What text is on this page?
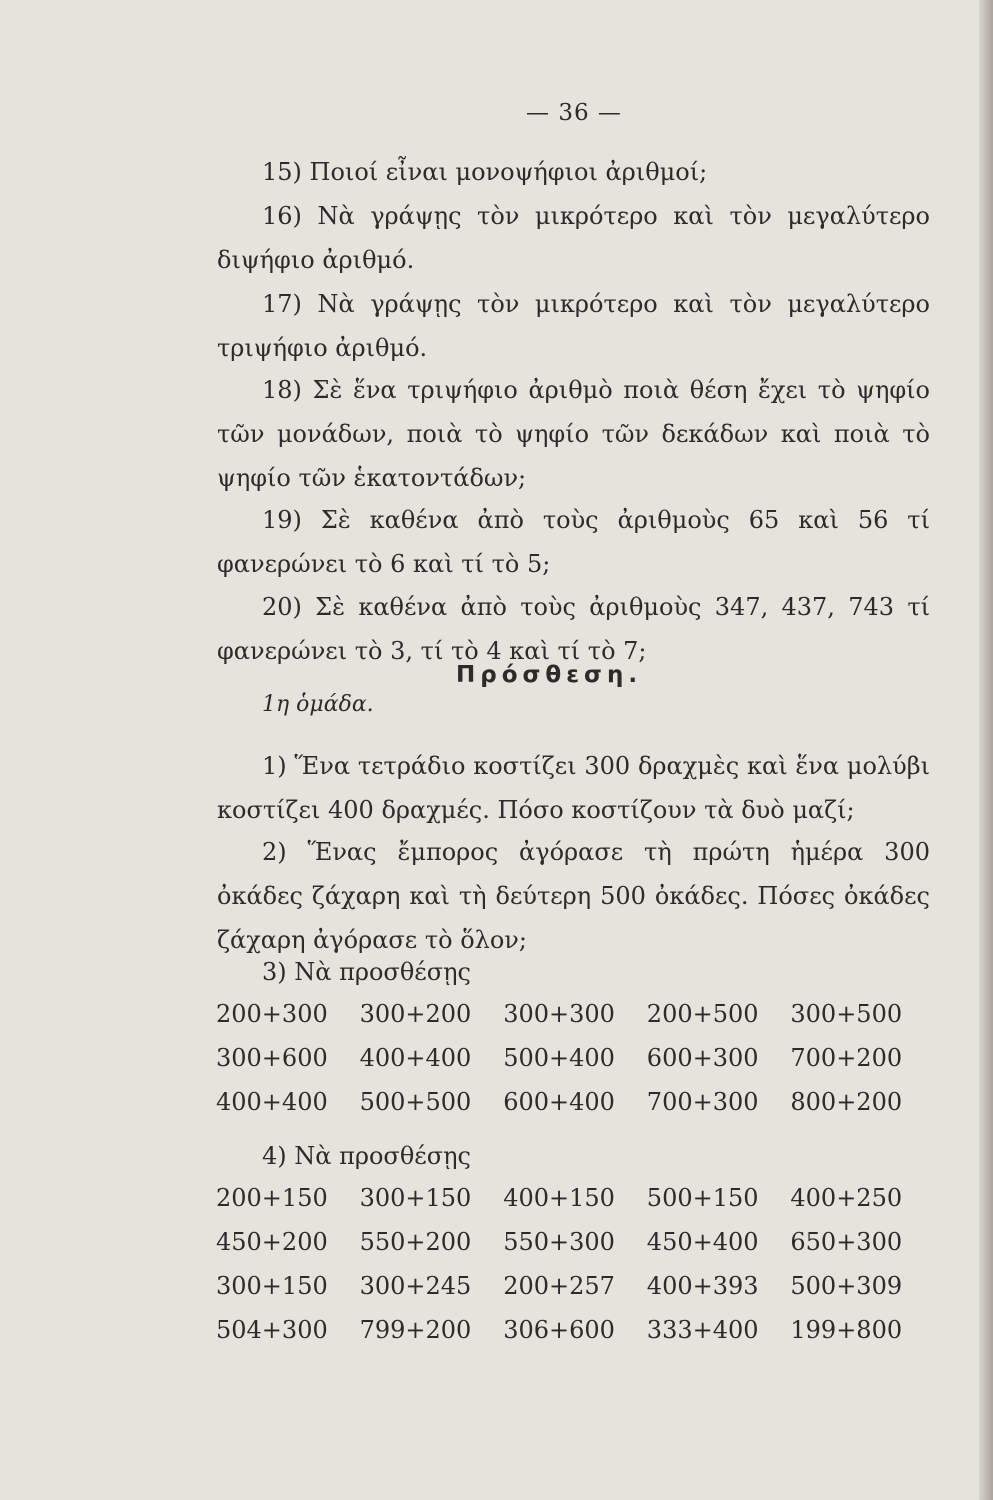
— 36 —
15) Ποιοί εἶναι μονοψήφιοι ἀριθμοί;
16) Νὰ γράψῃς τὸν μικρότερο καὶ τὸν μεγαλύτερο διψήφιο ἀριθμό.
17) Νὰ γράψῃς τὸν μικρότερο καὶ τὸν μεγαλύτερο τριψήφιο ἀριθμό.
18) Σὲ ἕνα τριψήφιο ἀριθμὸ ποιὰ θέση ἔχει τὸ ψηφίο τῶν μονάδων, ποιὰ τὸ ψηφίο τῶν δεκάδων καὶ ποιὰ τὸ ψηφίο τῶν ἑκατοντάδων;
19) Σὲ καθένα ἀπὸ τοὺς ἀριθμοὺς 65 καὶ 56 τί φανερώνει τὸ 6 καὶ τί τὸ 5;
20) Σὲ καθένα ἀπὸ τοὺς ἀριθμοὺς 347, 437, 743 τί φανερώνει τὸ 3, τί τὸ 4 καὶ τί τὸ 7;
Πρόσθεση.
1η ὁμάδα.
1) Ἕνα τετράδιο κοστίζει 300 δραχμὲς καὶ ἕνα μολύβι κοστίζει 400 δραχμές. Πόσο κοστίζουν τὰ δυὸ μαζί;
2) Ἕνας ἔμπορος ἀγόρασε τὴ πρώτη ἡμέρα 300 ὀκάδες ζάχαρη καὶ τὴ δεύτερη 500 ὀκάδες. Πόσες ὀκάδες ζάχαρη ἀγόρασε τὸ ὅλον;
3) Νὰ προσθέσῃς
200+300	300+200	300+300	200+500	300+500
300+600	400+400	500+400	600+300	700+200
400+400	500+500	600+400	700+300	800+200
4) Νὰ προσθέσῃς
200+150	300+150	400+150	500+150	400+250
450+200	550+200	550+300	450+400	650+300
300+150	300+245	200+257	400+393	500+309
504+300	799+200	306+600	333+400	199+800
